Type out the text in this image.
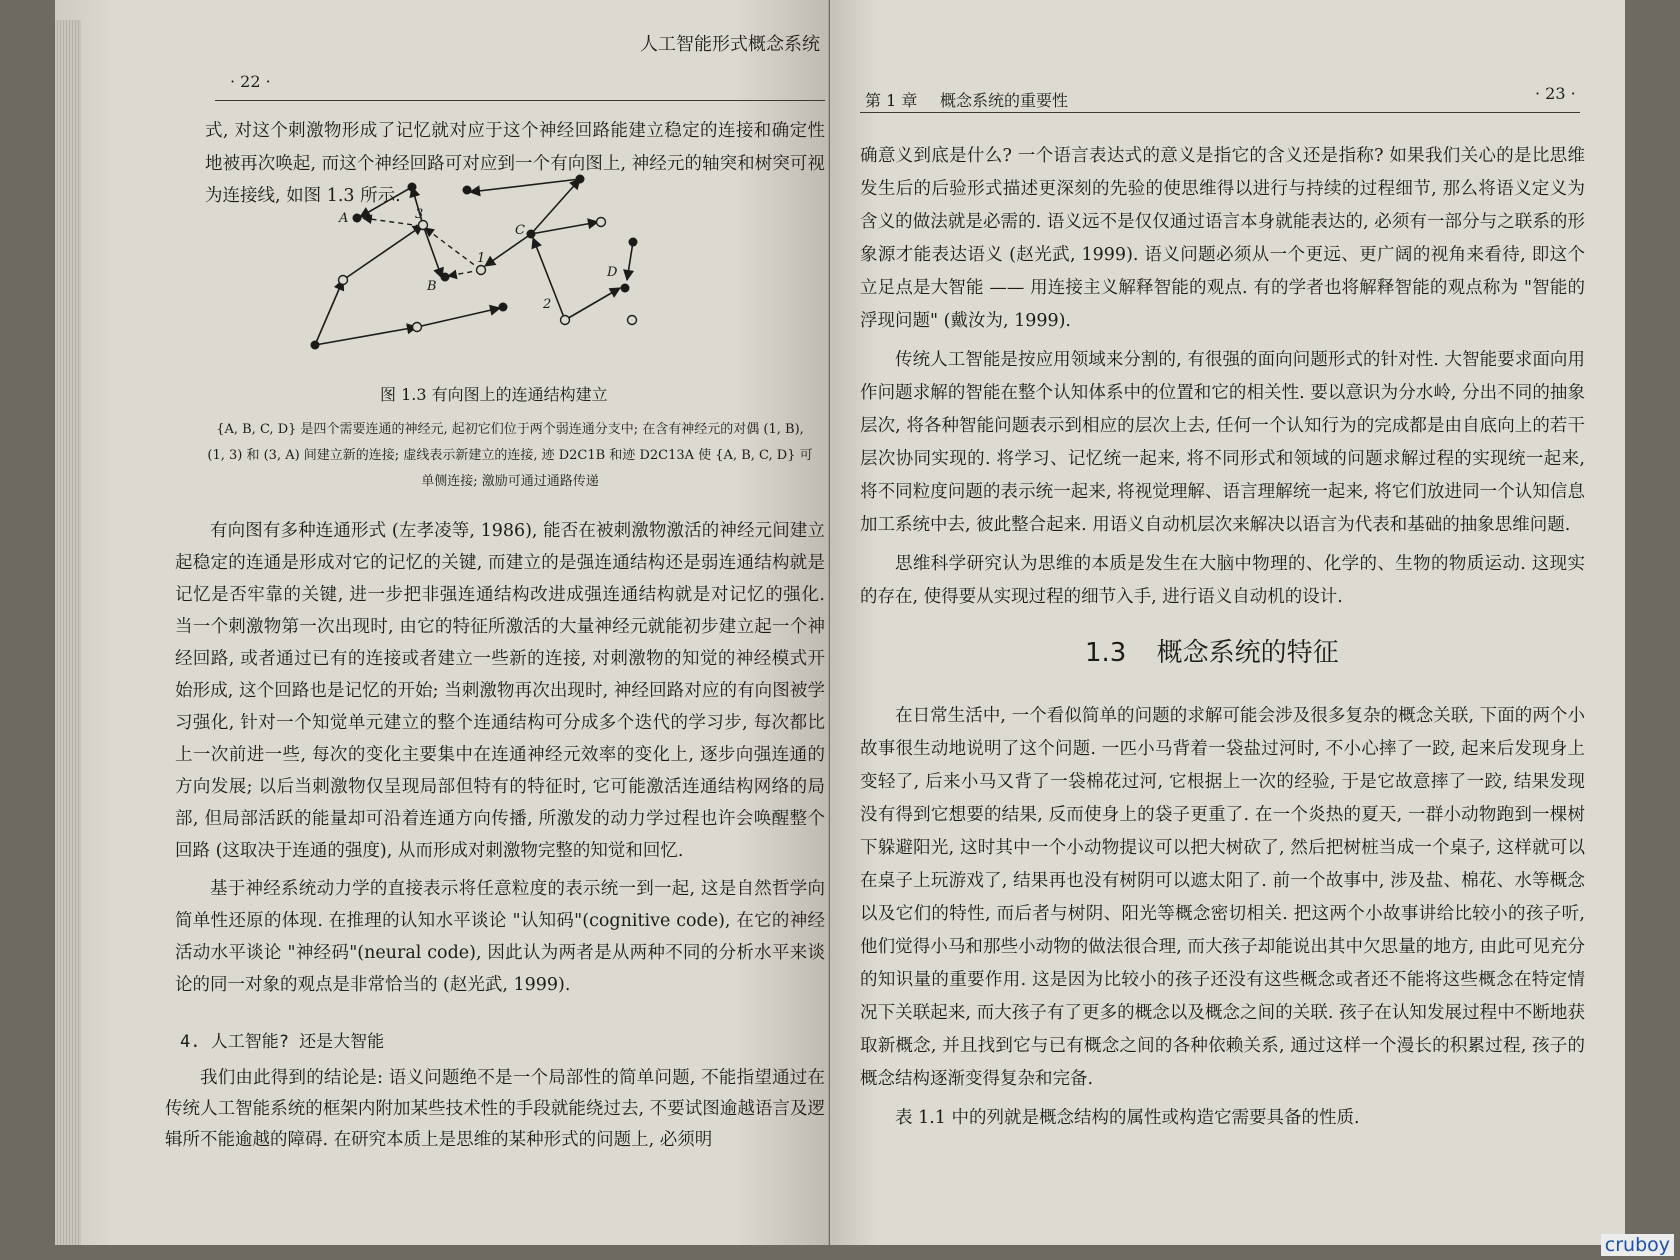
· 22 ·
人工智能形式概念系统

式, 对这个刺激物形成了记忆就对应于这个神经回路能建立稳定的连接和确定性地被再次唤起, 而这个神经回路可对应到一个有向图上, 神经元的轴突和树突可视为连接线, 如图 1.3 所示.

A	3
1
C
B
2
D
图 1.3 有向图上的连通结构建立
{A, B, C, D} 是四个需要连通的神经元, 起初它们位于两个弱连通分支中; 在含有神经元的对偶 (1, B),
(1, 3) 和 (3, A) 间建立新的连接; 虚线表示新建立的连接, 迹 D2C1B 和迹 D2C13A 使 {A, B, C, D} 可
单侧连接; 激励可通过通路传递

有向图有多种连通形式 (左孝凌等, 1986), 能否在被刺激物激活的神经元间建立起稳定的连通是形成对它的记忆的关键, 而建立的是强连通结构还是弱连通结构就是记忆是否牢靠的关键, 进一步把非强连通结构改进成强连通结构就是对记忆的强化. 当一个刺激物第一次出现时, 由它的特征所激活的大量神经元就能初步建立起一个神经回路, 或者通过已有的连接或者建立一些新的连接, 对刺激物的知觉的神经模式开始形成, 这个回路也是记忆的开始; 当刺激物再次出现时, 神经回路对应的有向图被学习强化, 针对一个知觉单元建立的整个连通结构可分成多个迭代的学习步, 每次都比上一次前进一些, 每次的变化主要集中在连通神经元效率的变化上, 逐步向强连通的方向发展; 以后当刺激物仅呈现局部但特有的特征时, 它可能激活连通结构网络的局部, 但局部活跃的能量却可沿着连通方向传播, 所激发的动力学过程也许会唤醒整个回路 (这取决于连通的强度), 从而形成对刺激物完整的知觉和回忆.

基于神经系统动力学的直接表示将任意粒度的表示统一到一起, 这是自然哲学向简单性还原的体现. 在推理的认知水平谈论 "认知码"(cognitive code), 在它的神经活动水平谈论 "神经码"(neural code), 因此认为两者是从两种不同的分析水平来谈论的同一对象的观点是非常恰当的 (赵光武, 1999).

4. 人工智能? 还是大智能

我们由此得到的结论是: 语义问题绝不是一个局部性的简单问题, 不能指望通过在传统人工智能系统的框架内附加某些技术性的手段就能绕过去, 不要试图逾越语言及逻辑所不能逾越的障碍. 在研究本质上是思维的某种形式的问题上, 必须明

第 1 章 概念系统的重要性	· 23 ·

确意义到底是什么? 一个语言表达式的意义是指它的含义还是指称? 如果我们关心的是比思维发生后的后验形式描述更深刻的先验的使思维得以进行与持续的过程细节, 那么将语义定义为含义的做法就是必需的. 语义远不是仅仅通过语言本身就能表达的, 必须有一部分与之联系的形象源才能表达语义 (赵光武, 1999). 语义问题必须从一个更远、更广阔的视角来看待, 即这个立足点是大智能 —— 用连接主义解释智能的观点. 有的学者也将解释智能的观点称为 "智能的浮现问题" (戴汝为, 1999).

传统人工智能是按应用领域来分割的, 有很强的面向问题形式的针对性. 大智能要求面向用作问题求解的智能在整个认知体系中的位置和它的相关性. 要以意识为分水岭, 分出不同的抽象层次, 将各种智能问题表示到相应的层次上去, 任何一个认知行为的完成都是由自底向上的若干层次协同实现的. 将学习、记忆统一起来, 将不同形式和领域的问题求解过程的实现统一起来, 将不同粒度问题的表示统一起来, 将视觉理解、语言理解统一起来, 将它们放进同一个认知信息加工系统中去, 彼此整合起来. 用语义自动机层次来解决以语言为代表和基础的抽象思维问题.

思维科学研究认为思维的本质是发生在大脑中物理的、化学的、生物的物质运动. 这现实的存在, 使得要从实现过程的细节入手, 进行语义自动机的设计.

1.3 概念系统的特征

在日常生活中, 一个看似简单的问题的求解可能会涉及很多复杂的概念关联, 下面的两个小故事很生动地说明了这个问题. 一匹小马背着一袋盐过河时, 不小心摔了一跤, 起来后发现身上变轻了, 后来小马又背了一袋棉花过河, 它根据上一次的经验, 于是它故意摔了一跤, 结果发现没有得到它想要的结果, 反而使身上的袋子更重了. 在一个炎热的夏天, 一群小动物跑到一棵树下躲避阳光, 这时其中一个小动物提议可以把大树砍了, 然后把树桩当成一个桌子, 这样就可以在桌子上玩游戏了, 结果再也没有树阴可以遮太阳了. 前一个故事中, 涉及盐、棉花、水等概念以及它们的特性, 而后者与树阴、阳光等概念密切相关. 把这两个小故事讲给比较小的孩子听, 他们觉得小马和那些小动物的做法很合理, 而大孩子却能说出其中欠思量的地方, 由此可见充分的知识量的重要作用. 这是因为比较小的孩子还没有这些概念或者还不能将这些概念在特定情况下关联起来, 而大孩子有了更多的概念以及概念之间的关联. 孩子在认知发展过程中不断地获取新概念, 并且找到它与已有概念之间的各种依赖关系, 通过这样一个漫长的积累过程, 孩子的概念结构逐渐变得复杂和完备.

表 1.1 中的列就是概念结构的属性或构造它需要具备的性质.

cruboy
